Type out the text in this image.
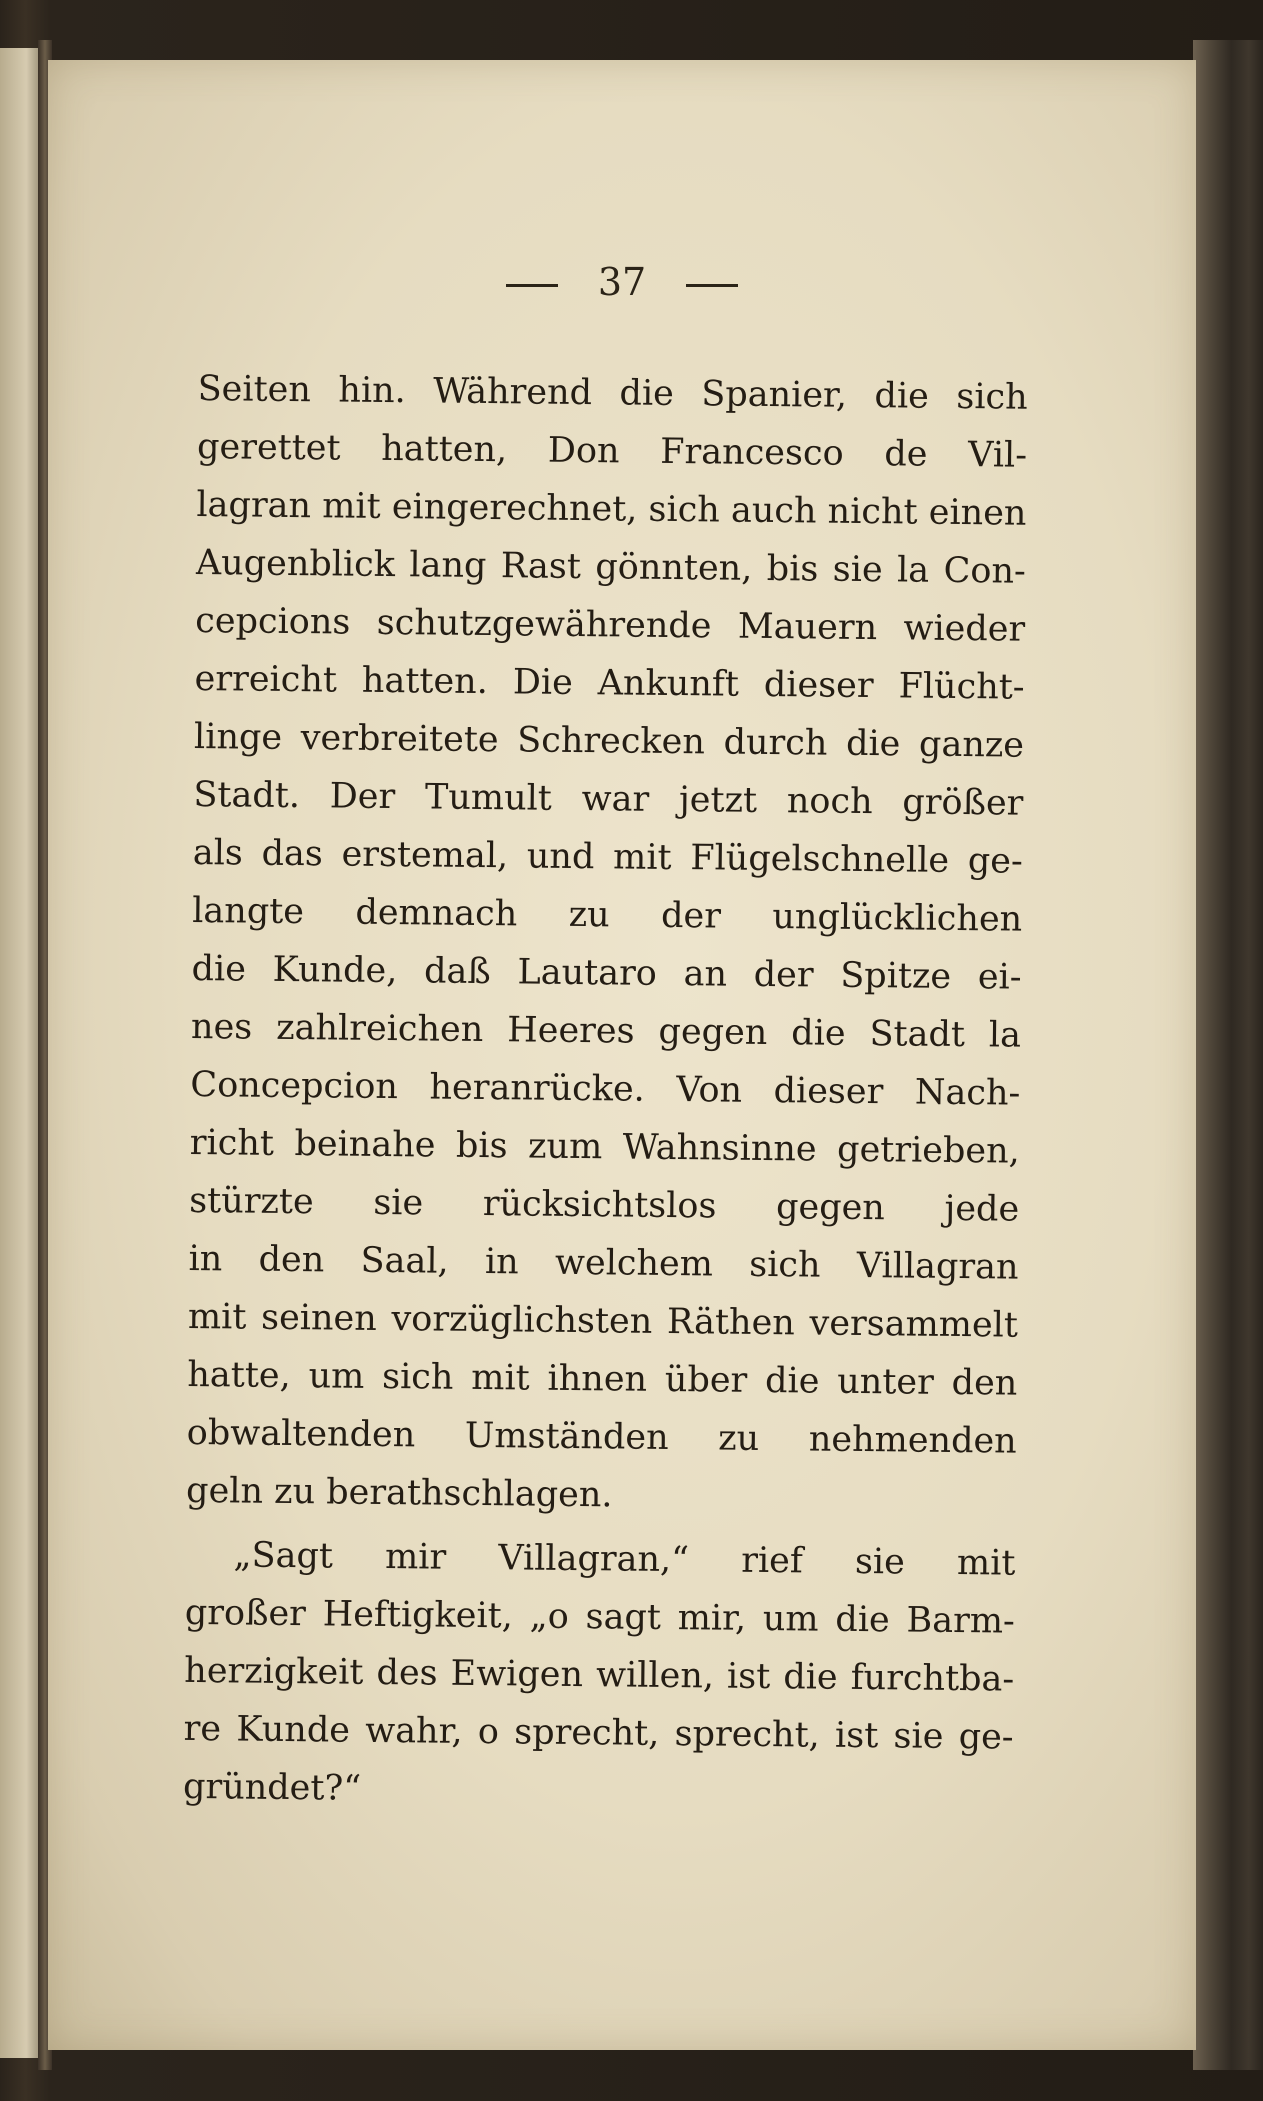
37
Seiten hin. Während die Spanier, die sich
gerettet hatten, Don Francesco de Vil-
lagran mit eingerechnet, sich auch nicht einen
Augenblick lang Rast gönnten, bis sie la Con-
cepcions schutzgewährende Mauern wieder
erreicht hatten. Die Ankunft dieser Flücht-
linge verbreitete Schrecken durch die ganze
Stadt. Der Tumult war jetzt noch größer
als das erstemal, und mit Flügelschnelle ge-
langte demnach zu der unglücklichen
die Kunde, daß Lautaro an der Spitze ei-
nes zahlreichen Heeres gegen die Stadt la
Concepcion heranrücke. Von dieser Nach-
richt beinahe bis zum Wahnsinne getrieben,
stürzte sie rücksichtslos gegen jede
in den Saal, in welchem sich Villagran
mit seinen vorzüglichsten Räthen versammelt
hatte, um sich mit ihnen über die unter den
obwaltenden Umständen zu nehmenden
geln zu berathschlagen.
„Sagt mir Villagran,“ rief sie mit
großer Heftigkeit, „o sagt mir, um die Barm-
herzigkeit des Ewigen willen, ist die furchtba-
re Kunde wahr, o sprecht, sprecht, ist sie ge-
gründet?“
